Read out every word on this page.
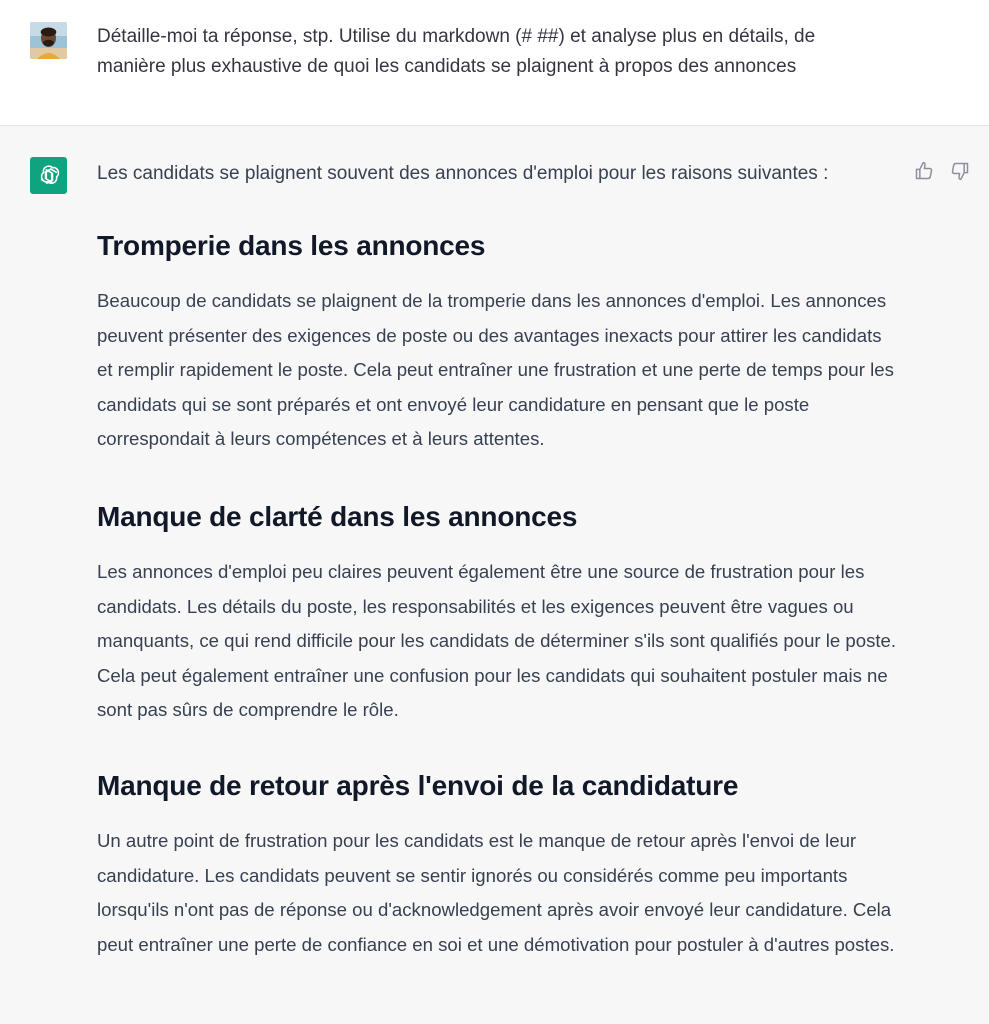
Détaille-moi ta réponse, stp. Utilise du markdown (# ##) et analyse plus en détails, de manière plus exhaustive de quoi les candidats se plaignent à propos des annonces

Les candidats se plaignent souvent des annonces d'emploi pour les raisons suivantes :

Tromperie dans les annonces

Beaucoup de candidats se plaignent de la tromperie dans les annonces d'emploi. Les annonces peuvent présenter des exigences de poste ou des avantages inexacts pour attirer les candidats et remplir rapidement le poste. Cela peut entraîner une frustration et une perte de temps pour les candidats qui se sont préparés et ont envoyé leur candidature en pensant que le poste correspondait à leurs compétences et à leurs attentes.

Manque de clarté dans les annonces

Les annonces d'emploi peu claires peuvent également être une source de frustration pour les candidats. Les détails du poste, les responsabilités et les exigences peuvent être vagues ou manquants, ce qui rend difficile pour les candidats de déterminer s'ils sont qualifiés pour le poste. Cela peut également entraîner une confusion pour les candidats qui souhaitent postuler mais ne sont pas sûrs de comprendre le rôle.

Manque de retour après l'envoi de la candidature

Un autre point de frustration pour les candidats est le manque de retour après l'envoi de leur candidature. Les candidats peuvent se sentir ignorés ou considérés comme peu importants lorsqu'ils n'ont pas de réponse ou d'acknowledgement après avoir envoyé leur candidature. Cela peut entraîner une perte de confiance en soi et une démotivation pour postuler à d'autres postes.
